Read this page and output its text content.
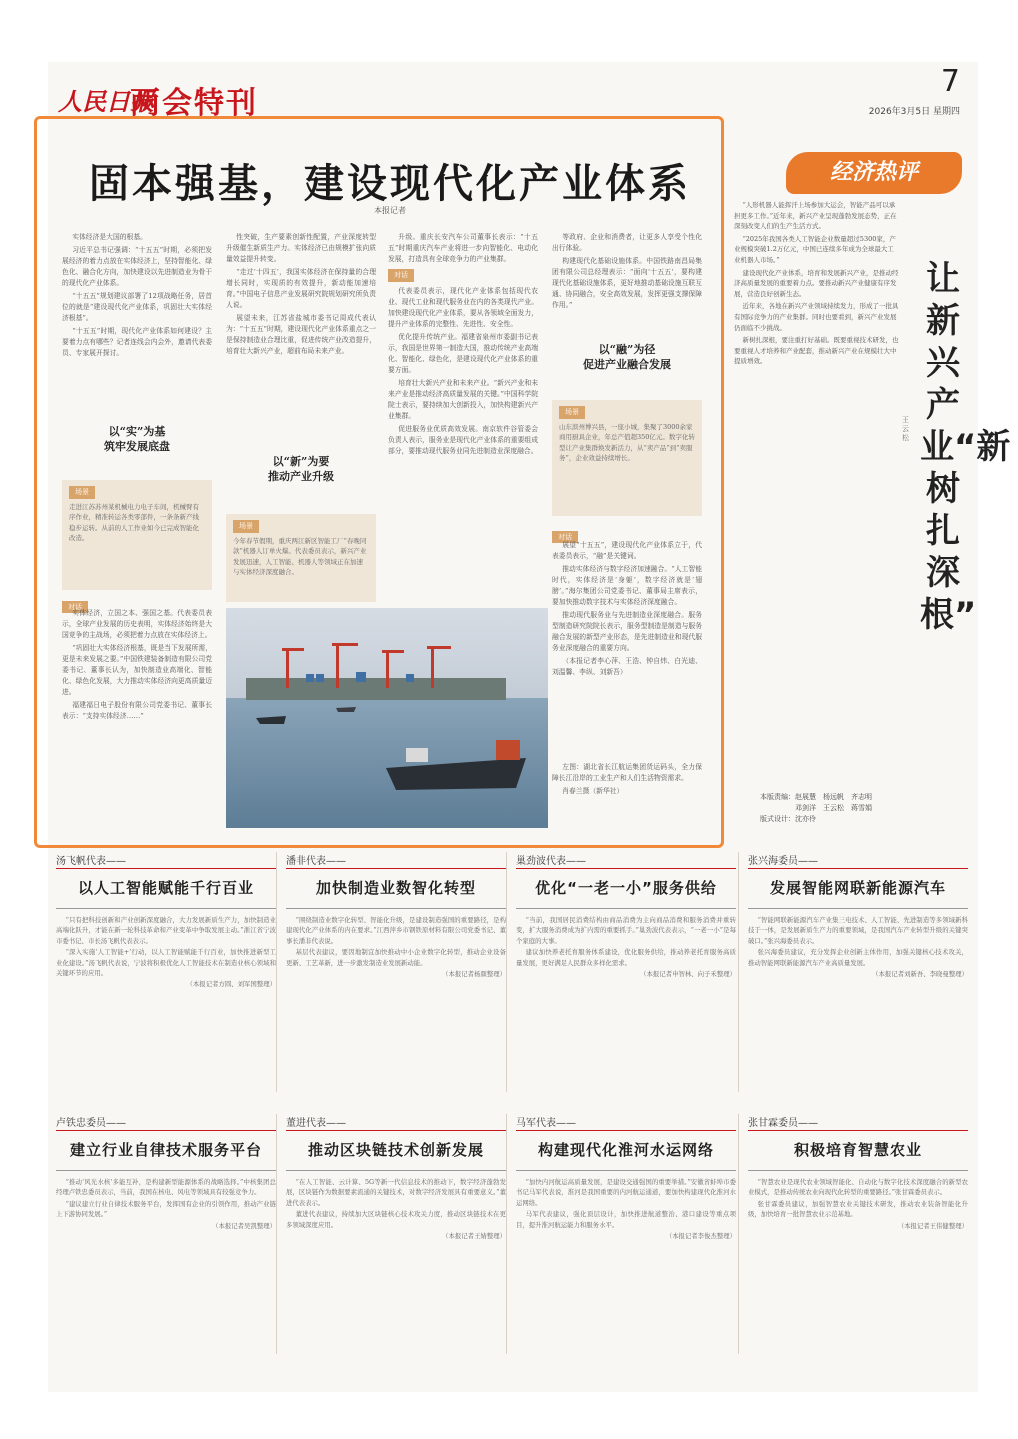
人民日报
两会特刊
7
2026年3月5日 星期四
固本强基，建设现代化产业体系
本报记者

实体经济是大国的根基。

习近平总书记强调：“十五五”时期，必须把发展经济的着力点放在实体经济上，坚持智能化、绿色化、融合化方向，加快建设以先进制造业为骨干的现代化产业体系。

“十五五”规划建议部署了12项战略任务，居首位的就是“建设现代化产业体系，巩固壮大实体经济根基”。

“十五五”时期，现代化产业体系如何建设？主要着力点有哪些？记者连线会内会外，邀请代表委员、专家展开探讨。

以“实”为基
筑牢发展底盘
场景
走进江苏苏州某机械电力电子车间，机械臂有序作业，精准转运各类零部件，一条条新产线稳步运转。从前的人工作业如今已完成智能化改造。
对话

实体经济，立国之本、强国之基。代表委员表示，全球产业发展的历史表明，实体经济始终是大国竞争的主战场，必须把着力点放在实体经济上。

“巩固壮大实体经济根基，既是当下发展所需，更是未来发展之要。”中国铁建装备制造有限公司党委书记、董事长认为，加快制造业高端化、智能化、绿色化发展，大力推动实体经济向更高质量迈进。

福建福日电子股份有限公司党委书记、董事长表示：“支持实体经济……”

性突破，生产要素创新性配置，产业深度转型升级催生新质生产力。实体经济已由规模扩张向质量效益提升转变。

“走过‘十四五’，我国实体经济在保持量的合理增长同时，实现质的有效提升，新动能加速培育。”中国电子信息产业发展研究院规划研究所负责人说。

展望未来，江苏省盐城市委书记周成代表认为：“十五五”时期，建设现代化产业体系重点之一是保持制造业合理比重，促进传统产业改造提升，培育壮大新兴产业，超前布局未来产业。

以“新”为要
推动产业升级
场景
今年春节假期，重庆两江新区智能工厂“春晚同款”机器人订单火爆。代表委员表示，新兴产业发展迅速，人工智能、机器人等领域正在加速与实体经济深度融合。

升级。重庆长安汽车公司董事长表示：“十五五”时期重庆汽车产业将进一步向智能化、电动化发展，打造具有全球竞争力的产业集群。

对话

代表委员表示，现代化产业体系包括现代农业、现代工业和现代服务业在内的各类现代产业。加快建设现代化产业体系，要从各领域全面发力，提升产业体系的完整性、先进性、安全性。

优化提升传统产业。福建省泉州市委副书记表示，我国是世界第一制造大国，推动传统产业高端化、智能化、绿色化，是建设现代化产业体系的重要方面。

培育壮大新兴产业和未来产业。“新兴产业和未来产业是推动经济高质量发展的关键。”中国科学院院士表示，要持续加大创新投入，加快构建新兴产业集群。

促进服务业优质高效发展。南京软件谷管委会负责人表示，服务业是现代化产业体系的重要组成部分，要推动现代服务业同先进制造业深度融合。

等政府、企业和消费者，让更多人享受个性化出行体验。

构建现代化基础设施体系。中国铁路南昌局集团有限公司总经理表示：“面向‘十五五’，要构建现代化基础设施体系，更好地推动基础设施互联互通、协同融合，安全高效发展，发挥更强支撑保障作用。”

以“融”为径
促进产业融合发展
场景
山东滨州博兴县，一座小城，集聚了3000余家商用厨具企业，年总产值超350亿元。数字化转型让产业集群焕发新活力，从“卖产品”到“卖服务”，企业效益持续增长。
对话

展望“十五五”，建设现代化产业体系立于，代表委员表示，“融”是关键词。

推动实体经济与数字经济加速融合。“人工智能时代，实体经济是‘身躯’，数字经济就是‘翅膀’。”海尔集团公司党委书记、董事局主席表示，要加快推动数字技术与实体经济深度融合。

推动现代服务业与先进制造业深度融合。服务型制造研究院院长表示，服务型制造是制造与服务融合发展的新型产业形态，是先进制造业和现代服务业深度融合的重要方向。

（本报记者李心萍、王浩、钟自炜、白光迪、刘温馨、李纵、刘新吾）

左图：湖北省长江航运集团货运码头，全力保障长江沿岸的工业生产和人们生活物资需求。

肖春兰摄（新华社）

经济热评
让新兴产业“新树扎深根”
王云松

“人形机器人能挥汗上场参加大运会，智能产品可以承担更多工作。”近年来，新兴产业呈现蓬勃发展态势，正在深刻改变人们的生产生活方式。

“2025年我国各类人工智能企业数量超过5300家，产业规模突破1.2万亿元，中国已连续多年成为全球最大工业机器人市场。”

建设现代化产业体系，培育和发展新兴产业，是推动经济高质量发展的重要着力点。要推动新兴产业健康有序发展，营造良好创新生态。

近年来，各地在新兴产业领域持续发力，形成了一批具有国际竞争力的产业集群。同时也要看到，新兴产业发展仍面临不少挑战。

新树扎深根，要注重打好基础。既要重视技术研发，也要重视人才培养和产业配套，推动新兴产业在规模壮大中提质增效。

本版责编：赵展慧　杨远帆　齐志明
　　　　　邓剑洋　王云松　蒋雪娟
版式设计：沈亦伶
汤飞帆代表——
以人工智能赋能千行百业

“只有把科技创新和产业创新深度融合，大力发展新质生产力，加快制造业高端化跃升，才能在新一轮科技革命和产业变革中争取发展主动。”浙江省宁波市委书记、市长汤飞帆代表表示。

“深入实施‘人工智能+’行动，以人工智能赋能千行百业，加快推进新型工业化建设。”汤飞帆代表说，宁波将积极优化人工智能技术在制造业核心领域和关键环节的应用。

（本报记者方圆、刘军国整理）

潘非代表——
加快制造业数智化转型

“围绕制造业数字化转型、智能化升级，是建设制造强国的重要路径，是构建现代化产业体系的内在要求。”江西萍乡市钢铁原材料有限公司党委书记、董事长潘非代表说。

基层代表建议，要因地制宜加快推动中小企业数字化转型，推动企业设备更新、工艺革新，进一步激发制造业发展新动能。

（本报记者杨颜整理）

巢劲波代表——
优化“一老一小”服务供给

“当前，我国居民消费结构由商品消费为主向商品消费和服务消费并重转变，扩大服务消费成为扩内需的重要抓手。”巢劲波代表表示，“一老一小”是每个家庭的大事。

建议加快养老托育服务体系建设，优化服务供给，推动养老托育服务高质量发展，更好满足人民群众多样化需求。

（本报记者申智林、向子禾整理）

张兴海委员——
发展智能网联新能源汽车

“智能网联新能源汽车产业集三电技术、人工智能、先进制造等多领域新科技于一体，是发展新质生产力的重要领域，是我国汽车产业转型升级的关键突破口。”张兴海委员表示。

张兴海委员建议，充分发挥企业创新主体作用，加强关键核心技术攻关，推动智能网联新能源汽车产业高质量发展。

（本报记者刘新吾、李晓曼整理）

卢铁忠委员——
建立行业自律技术服务平台

“推动‘风光水核’多能互补，是构建新型能源体系的战略选择。”中核集团总经理卢铁忠委员表示，当前，我国在核电、风电等领域具有较强竞争力。

“建议建立行业自律技术服务平台，发挥国有企业的引领作用，推动产业链上下游协同发展。”

（本报记者吴凯整理）

董进代表——
推动区块链技术创新发展

“在人工智能、云计算、5G等新一代信息技术的推动下，数字经济蓬勃发展，区块链作为数据要素流通的关键技术，对数字经济发展具有重要意义。”董进代表表示。

董进代表建议，持续加大区块链核心技术攻关力度，推动区块链技术在更多领域深度应用。

（本报记者王婧整理）

马军代表——
构建现代化淮河水运网络

“加快内河航运高质量发展，是建设交通强国的重要举措。”安徽省蚌埠市委书记马军代表说，淮河是我国重要的内河航运通道，要加快构建现代化淮河水运网络。

马军代表建议，强化顶层设计，加快推进航道整治、港口建设等重点项目，提升淮河航运能力和服务水平。

（本报记者李俊杰整理）

张甘霖委员——
积极培育智慧农业

“智慧农业是现代农业领域智能化、自动化与数字化技术深度融合的新型农业模式，是推动传统农业向现代化转型的重要路径。”张甘霖委员表示。

张甘霖委员建议，加强智慧农业关键技术研发，推动农业装备智能化升级，加快培育一批智慧农业示范基地。

（本报记者王伟健整理）
